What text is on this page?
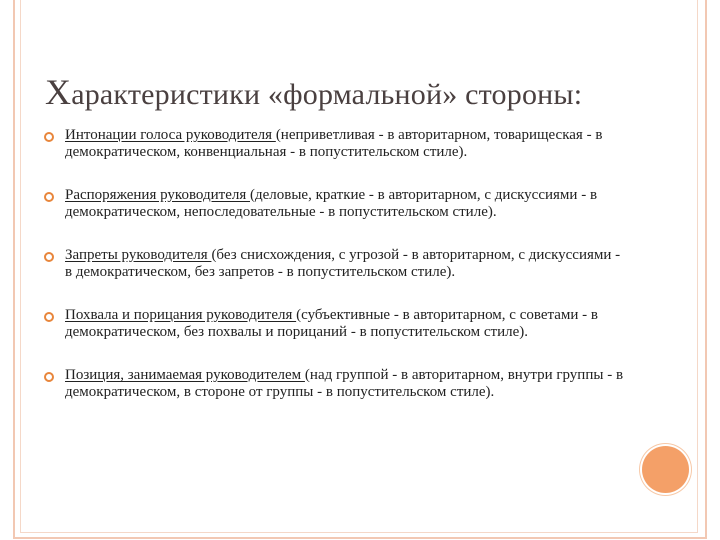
Характеристики «формальной» стороны:
Интонации голоса руководителя (неприветливая - в авторитарном, товарищеская - в демократическом, конвенциальная - в попустительском стиле).
Распоряжения руководителя (деловые, краткие - в авторитарном, с дискуссиями - в демократическом, непоследовательные - в попустительском стиле).
Запреты руководителя (без снисхождения, с угрозой - в авторитарном, с дискуссиями - в демократическом, без запретов - в попустительском стиле).
Похвала и порицания руководителя (субъективные - в авторитарном, с советами - в демократическом, без похвалы и порицаний - в попустительском стиле).
Позиция, занимаемая руководителем (над группой - в авторитарном, внутри группы - в демократическом, в стороне от группы - в попустительском стиле).
